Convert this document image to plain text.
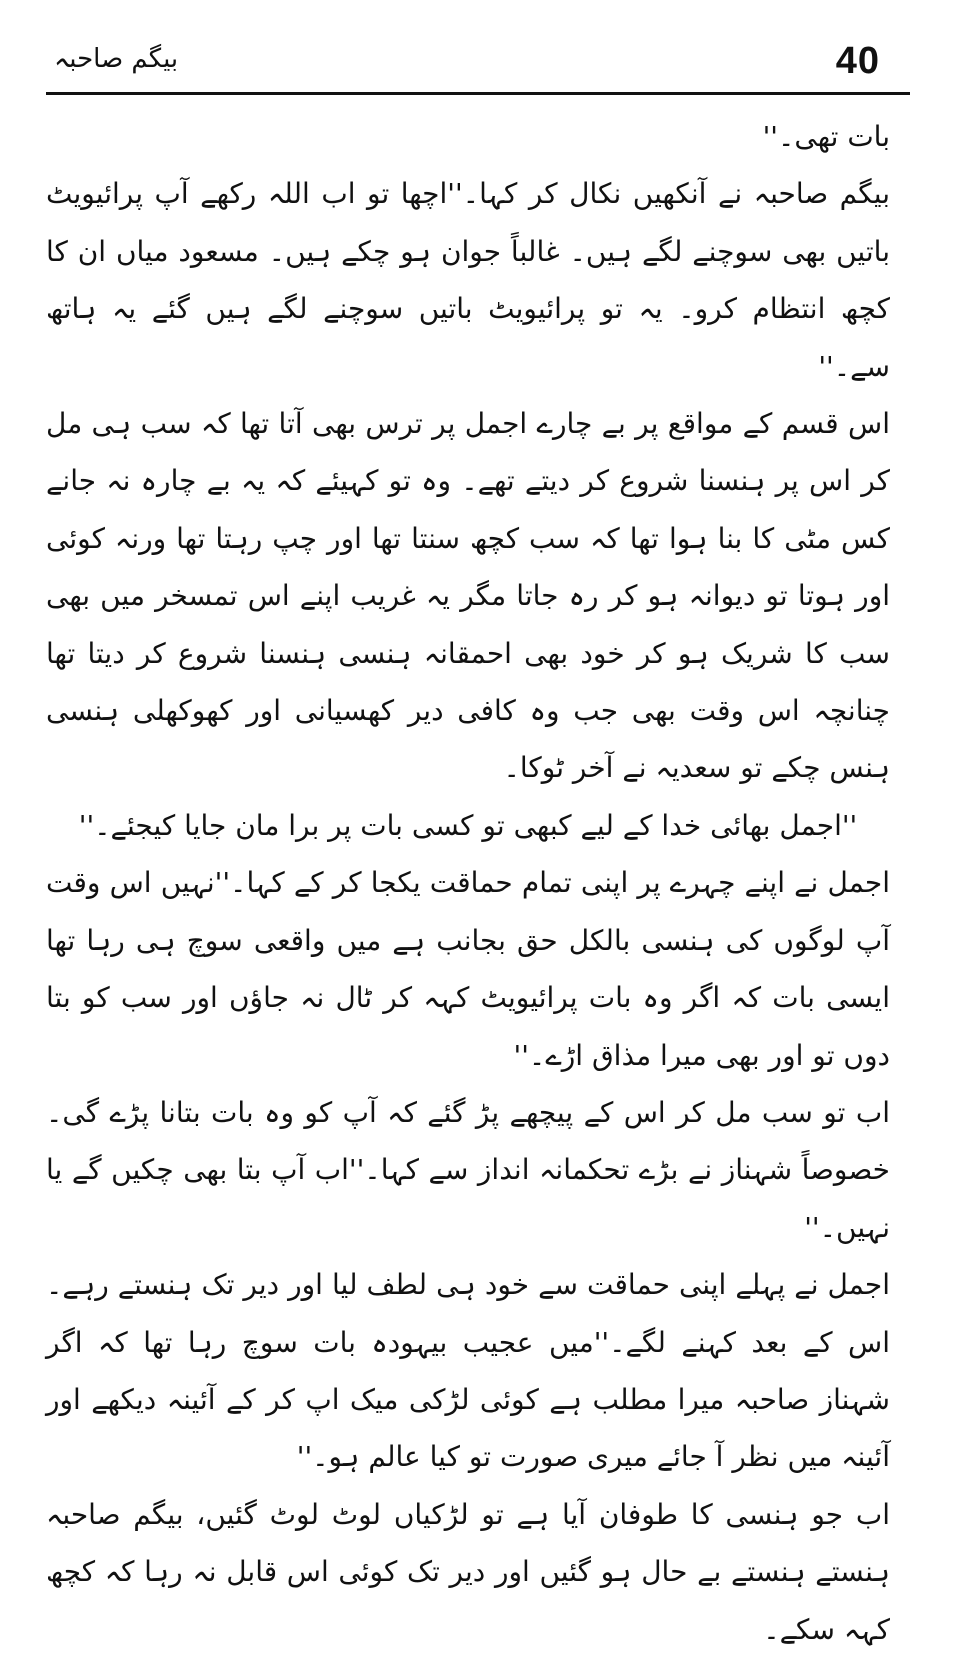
40
بیگم صاحبہ

بات تھی۔''

بیگم صاحبہ نے آنکھیں نکال کر کہا۔''اچھا تو اب اللہ رکھے آپ پرائیویٹ باتیں بھی سوچنے لگے ہیں۔ غالباً جوان ہو چکے ہیں۔ مسعود میاں ان کا کچھ انتظام کرو۔ یہ تو پرائیویٹ باتیں سوچنے لگے ہیں گئے یہ ہاتھ سے۔''

اس قسم کے مواقع پر بے چارے اجمل پر ترس بھی آتا تھا کہ سب ہی مل کر اس پر ہنسنا شروع کر دیتے تھے۔ وہ تو کہیئے کہ یہ بے چارہ نہ جانے کس مٹی کا بنا ہوا تھا کہ سب کچھ سنتا تھا اور چپ رہتا تھا ورنہ کوئی اور ہوتا تو دیوانہ ہو کر رہ جاتا مگر یہ غریب اپنے اس تمسخر میں بھی سب کا شریک ہو کر خود بھی احمقانہ ہنسی ہنسنا شروع کر دیتا تھا چنانچہ اس وقت بھی جب وہ کافی دیر کھسیانی اور کھوکھلی ہنسی ہنس چکے تو سعدیہ نے آخر ٹوکا۔

''اجمل بھائی خدا کے لیے کبھی تو کسی بات پر برا مان جایا کیجئے۔''

اجمل نے اپنے چہرے پر اپنی تمام حماقت یکجا کر کے کہا۔''نہیں اس وقت آپ لوگوں کی ہنسی بالکل حق بجانب ہے میں واقعی سوچ ہی رہا تھا ایسی بات کہ اگر وہ بات پرائیویٹ کہہ کر ٹال نہ جاؤں اور سب کو بتا دوں تو اور بھی میرا مذاق اڑے۔''

اب تو سب مل کر اس کے پیچھے پڑ گئے کہ آپ کو وہ بات بتانا پڑے گی۔ خصوصاً شہناز نے بڑے تحکمانہ انداز سے کہا۔''اب آپ بتا بھی چکیں گے یا نہیں۔''

اجمل نے پہلے اپنی حماقت سے خود ہی لطف لیا اور دیر تک ہنستے رہے۔ اس کے بعد کہنے لگے۔''میں عجیب بیہودہ بات سوچ رہا تھا کہ اگر شہناز صاحبہ میرا مطلب ہے کوئی لڑکی میک اپ کر کے آئینہ دیکھے اور آئینہ میں نظر آ جائے میری صورت تو کیا عالم ہو۔''

اب جو ہنسی کا طوفان آیا ہے تو لڑکیاں لوٹ لوٹ گئیں، بیگم صاحبہ ہنستے ہنستے بے حال ہو گئیں اور دیر تک کوئی اس قابل نہ رہا کہ کچھ کہہ سکے۔
